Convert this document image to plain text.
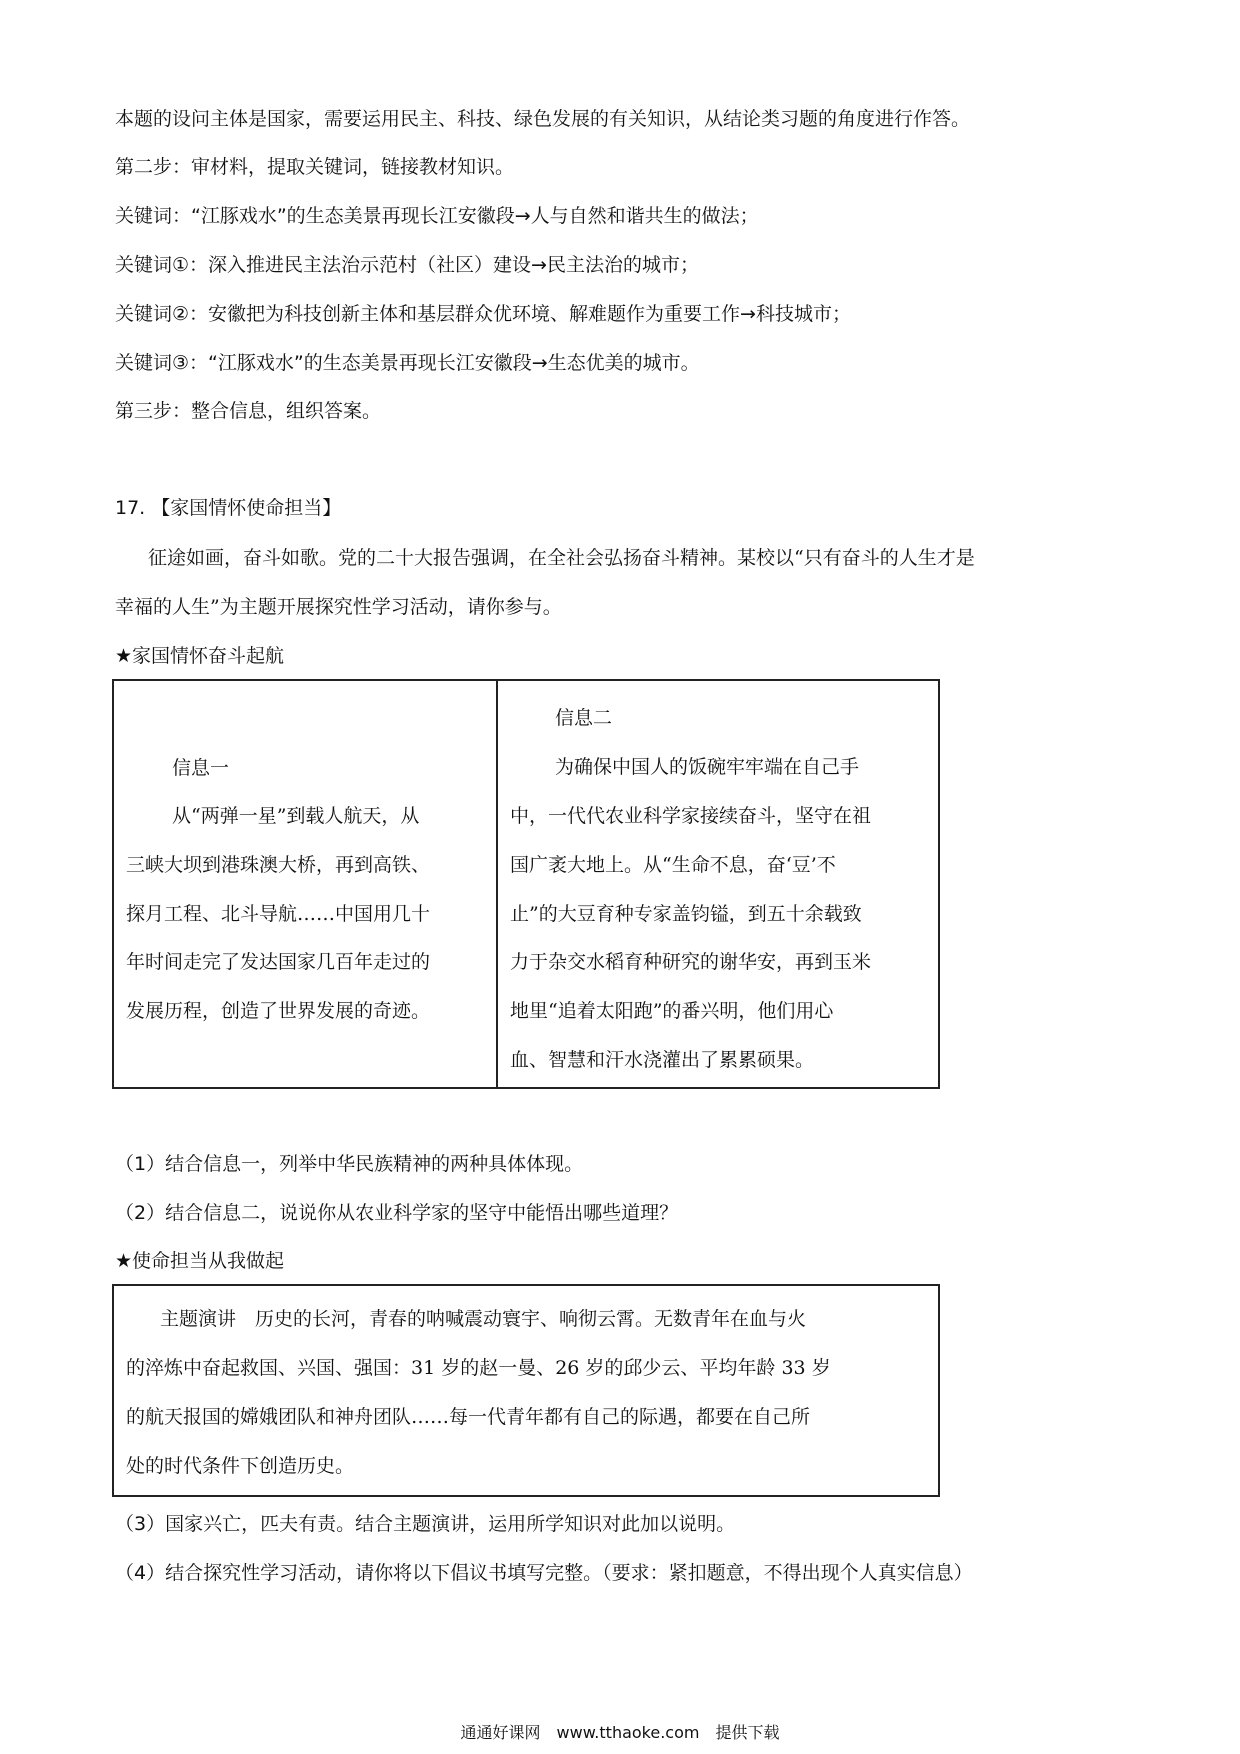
本题的设问主体是国家，需要运用民主、科技、绿色发展的有关知识，从结论类习题的角度进行作答。
第二步：审材料，提取关键词，链接教材知识。
关键词：“江豚戏水”的生态美景再现长江安徽段→人与自然和谐共生的做法；
关键词①：深入推进民主法治示范村（社区）建设→民主法治的城市；
关键词②：安徽把为科技创新主体和基层群众优环境、解难题作为重要工作→科技城市；
关键词③：“江豚戏水”的生态美景再现长江安徽段→生态优美的城市。
第三步：整合信息，组织答案。
17. 【家国情怀使命担当】
征途如画，奋斗如歌。党的二十大报告强调，在全社会弘扬奋斗精神。某校以“只有奋斗的人生才是
幸福的人生”为主题开展探究性学习活动，请你参与。
★家国情怀奋斗起航
信息一
从“两弹一星”到载人航天，从
三峡大坝到港珠澳大桥，再到高铁、
探月工程、北斗导航……中国用几十
年时间走完了发达国家几百年走过的
发展历程，创造了世界发展的奇迹。
信息二
为确保中国人的饭碗牢牢端在自己手
中，一代代农业科学家接续奋斗，坚守在祖
国广袤大地上。从“生命不息，奋‘豆’不
止”的大豆育种专家盖钧镒，到五十余载致
力于杂交水稻育种研究的谢华安，再到玉米
地里“追着太阳跑”的番兴明，他们用心
血、智慧和汗水浇灌出了累累硕果。
（1）结合信息一，列举中华民族精神的两种具体体现。
（2）结合信息二，说说你从农业科学家的坚守中能悟出哪些道理？
★使命担当从我做起
主题演讲　历史的长河，青春的呐喊震动寰宇、响彻云霄。无数青年在血与火
的淬炼中奋起救国、兴国、强国：31 岁的赵一曼、26 岁的邱少云、平均年龄 33 岁
的航天报国的嫦娥团队和神舟团队……每一代青年都有自己的际遇，都要在自己所
处的时代条件下创造历史。
（3）国家兴亡，匹夫有责。结合主题演讲，运用所学知识对此加以说明。
（4）结合探究性学习活动，请你将以下倡议书填写完整。（要求：紧扣题意，不得出现个人真实信息）
通通好课网　www.tthaoke.com　提供下载
